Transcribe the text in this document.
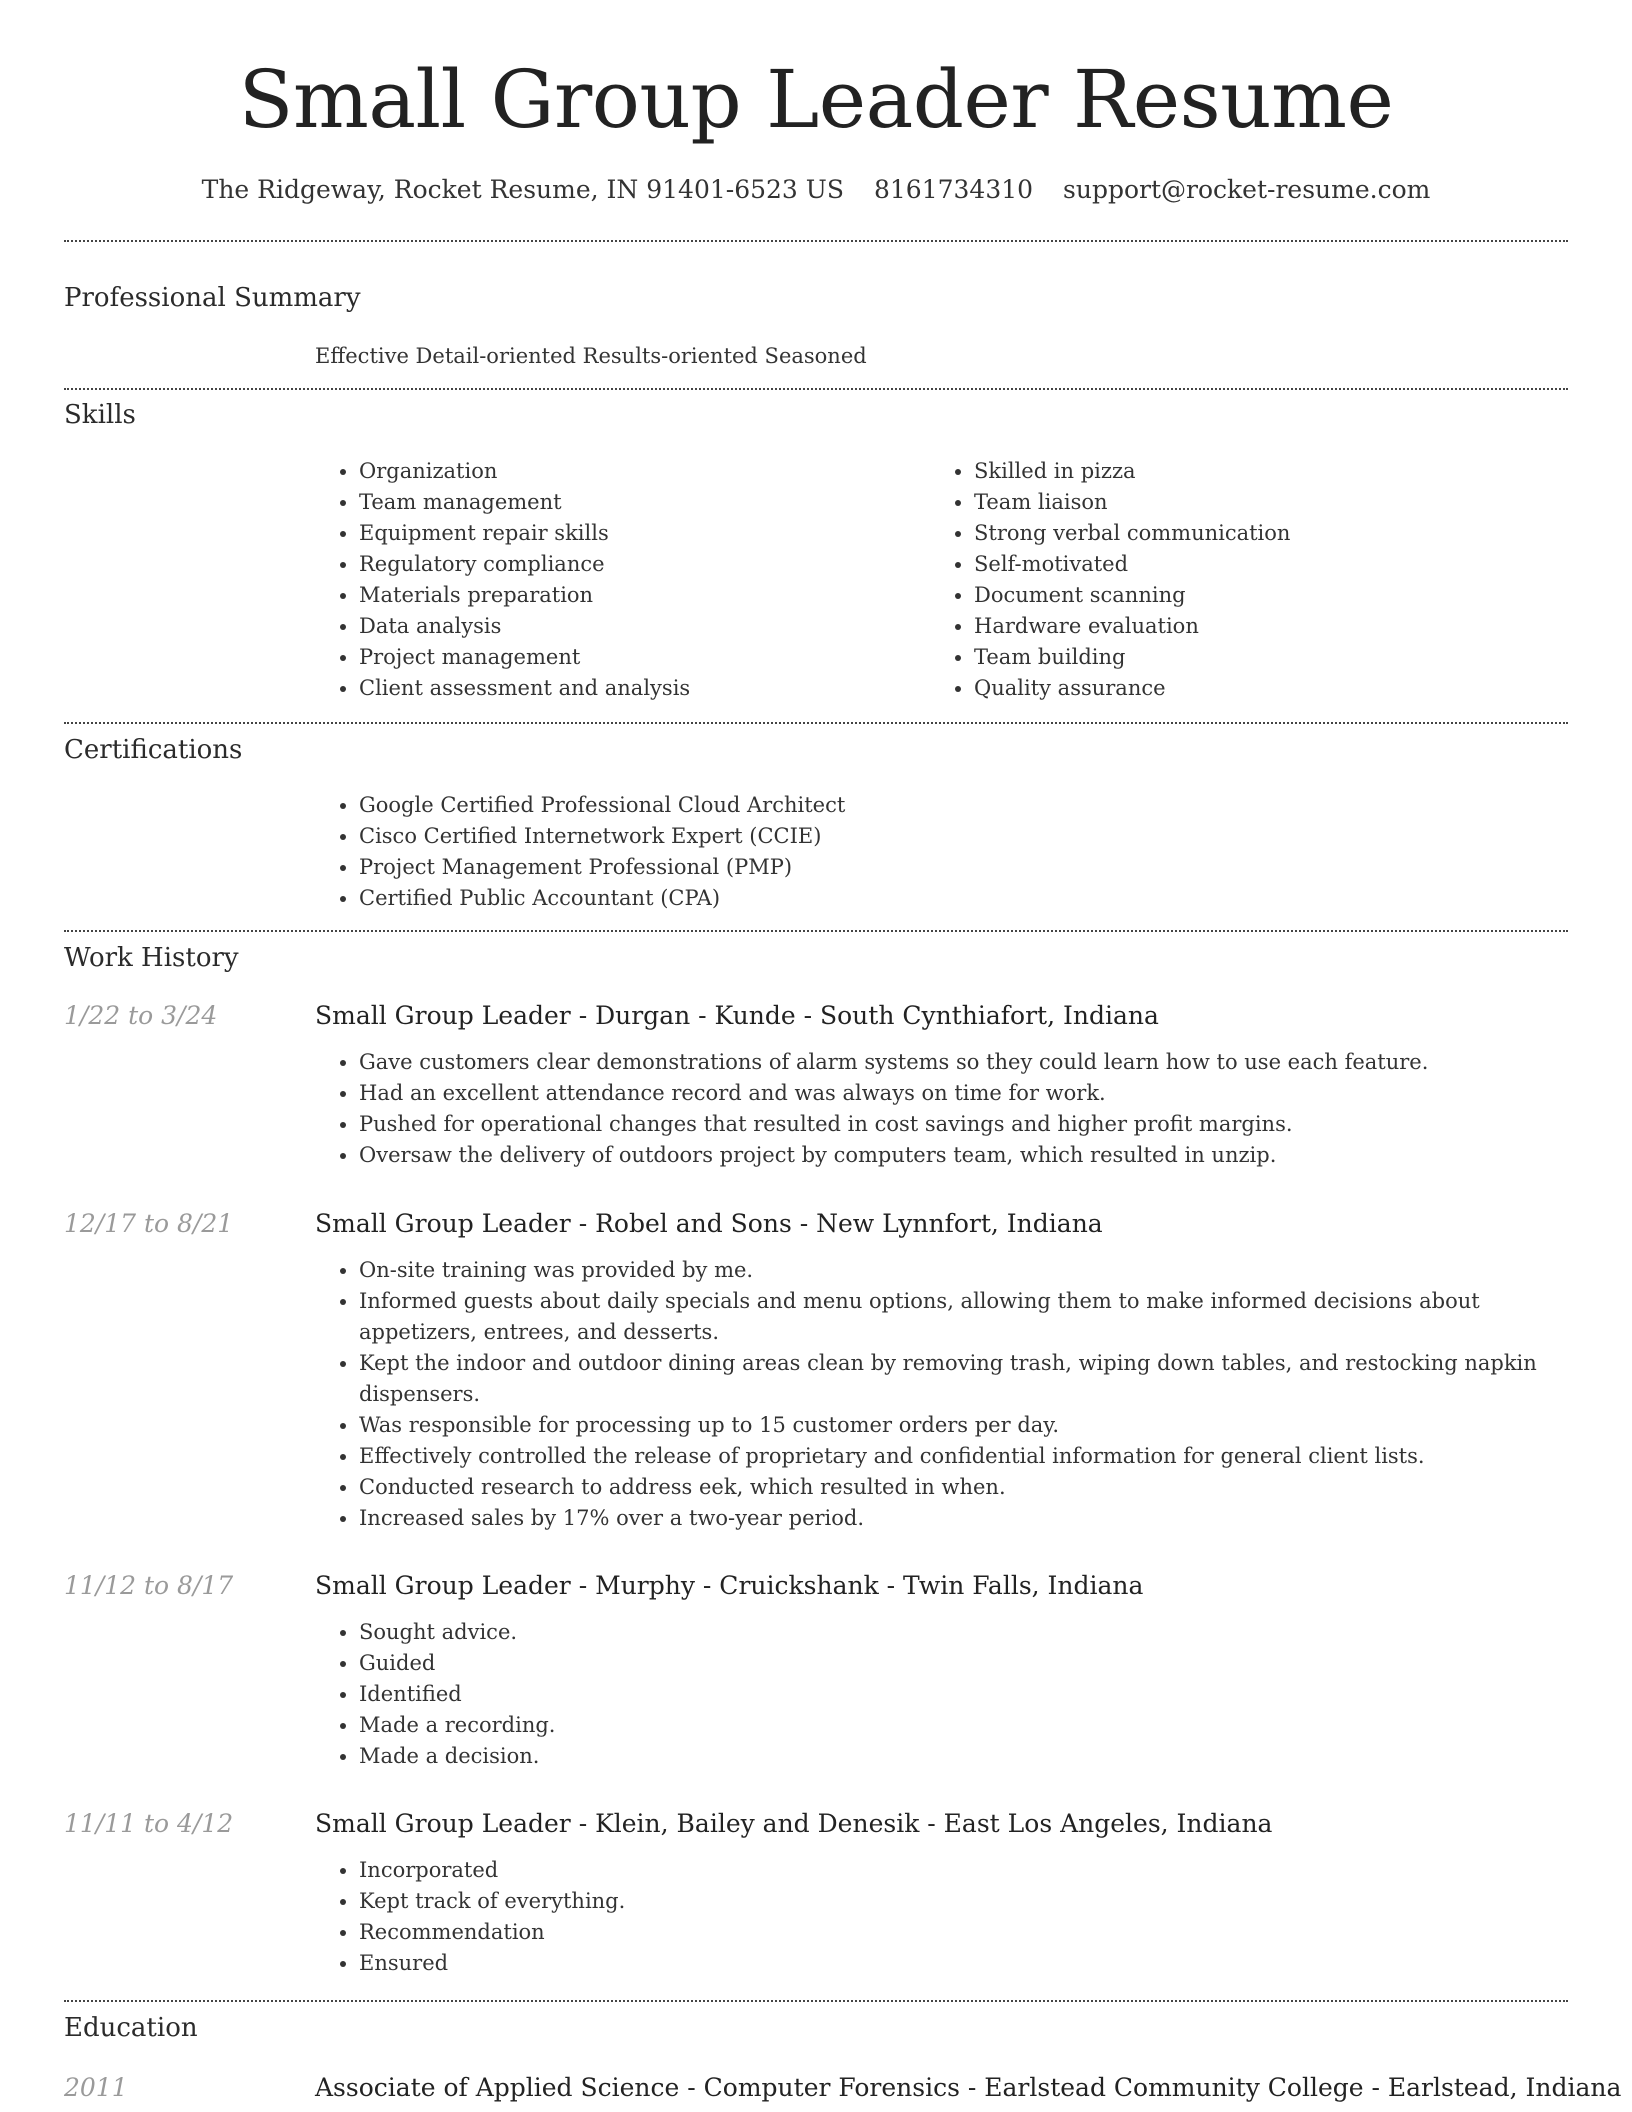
Small Group Leader Resume
The Ridgeway, Rocket Resume, IN 91401-6523 US 8161734310 support@rocket-resume.com
Professional Summary
Effective Detail-oriented Results-oriented Seasoned
Skills
• Organization
• Team management
• Equipment repair skills
• Regulatory compliance
• Materials preparation
• Data analysis
• Project management
• Client assessment and analysis
• Skilled in pizza
• Team liaison
• Strong verbal communication
• Self-motivated
• Document scanning
• Hardware evaluation
• Team building
• Quality assurance
Certifications
• Google Certified Professional Cloud Architect
• Cisco Certified Internetwork Expert (CCIE)
• Project Management Professional (PMP)
• Certified Public Accountant (CPA)
Work History
1/22 to 3/24	Small Group Leader - Durgan - Kunde - South Cynthiafort, Indiana
• Gave customers clear demonstrations of alarm systems so they could learn how to use each feature.
• Had an excellent attendance record and was always on time for work.
• Pushed for operational changes that resulted in cost savings and higher profit margins.
• Oversaw the delivery of outdoors project by computers team, which resulted in unzip.
12/17 to 8/21	Small Group Leader - Robel and Sons - New Lynnfort, Indiana
• On-site training was provided by me.
• Informed guests about daily specials and menu options, allowing them to make informed decisions about appetizers, entrees, and desserts.
• Kept the indoor and outdoor dining areas clean by removing trash, wiping down tables, and restocking napkin dispensers.
• Was responsible for processing up to 15 customer orders per day.
• Effectively controlled the release of proprietary and confidential information for general client lists.
• Conducted research to address eek, which resulted in when.
• Increased sales by 17% over a two-year period.
11/12 to 8/17	Small Group Leader - Murphy - Cruickshank - Twin Falls, Indiana
• Sought advice.
• Guided
• Identified
• Made a recording.
• Made a decision.
11/11 to 4/12	Small Group Leader - Klein, Bailey and Denesik - East Los Angeles, Indiana
• Incorporated
• Kept track of everything.
• Recommendation
• Ensured
Education
2011	Associate of Applied Science - Computer Forensics - Earlstead Community College - Earlstead, Indiana
